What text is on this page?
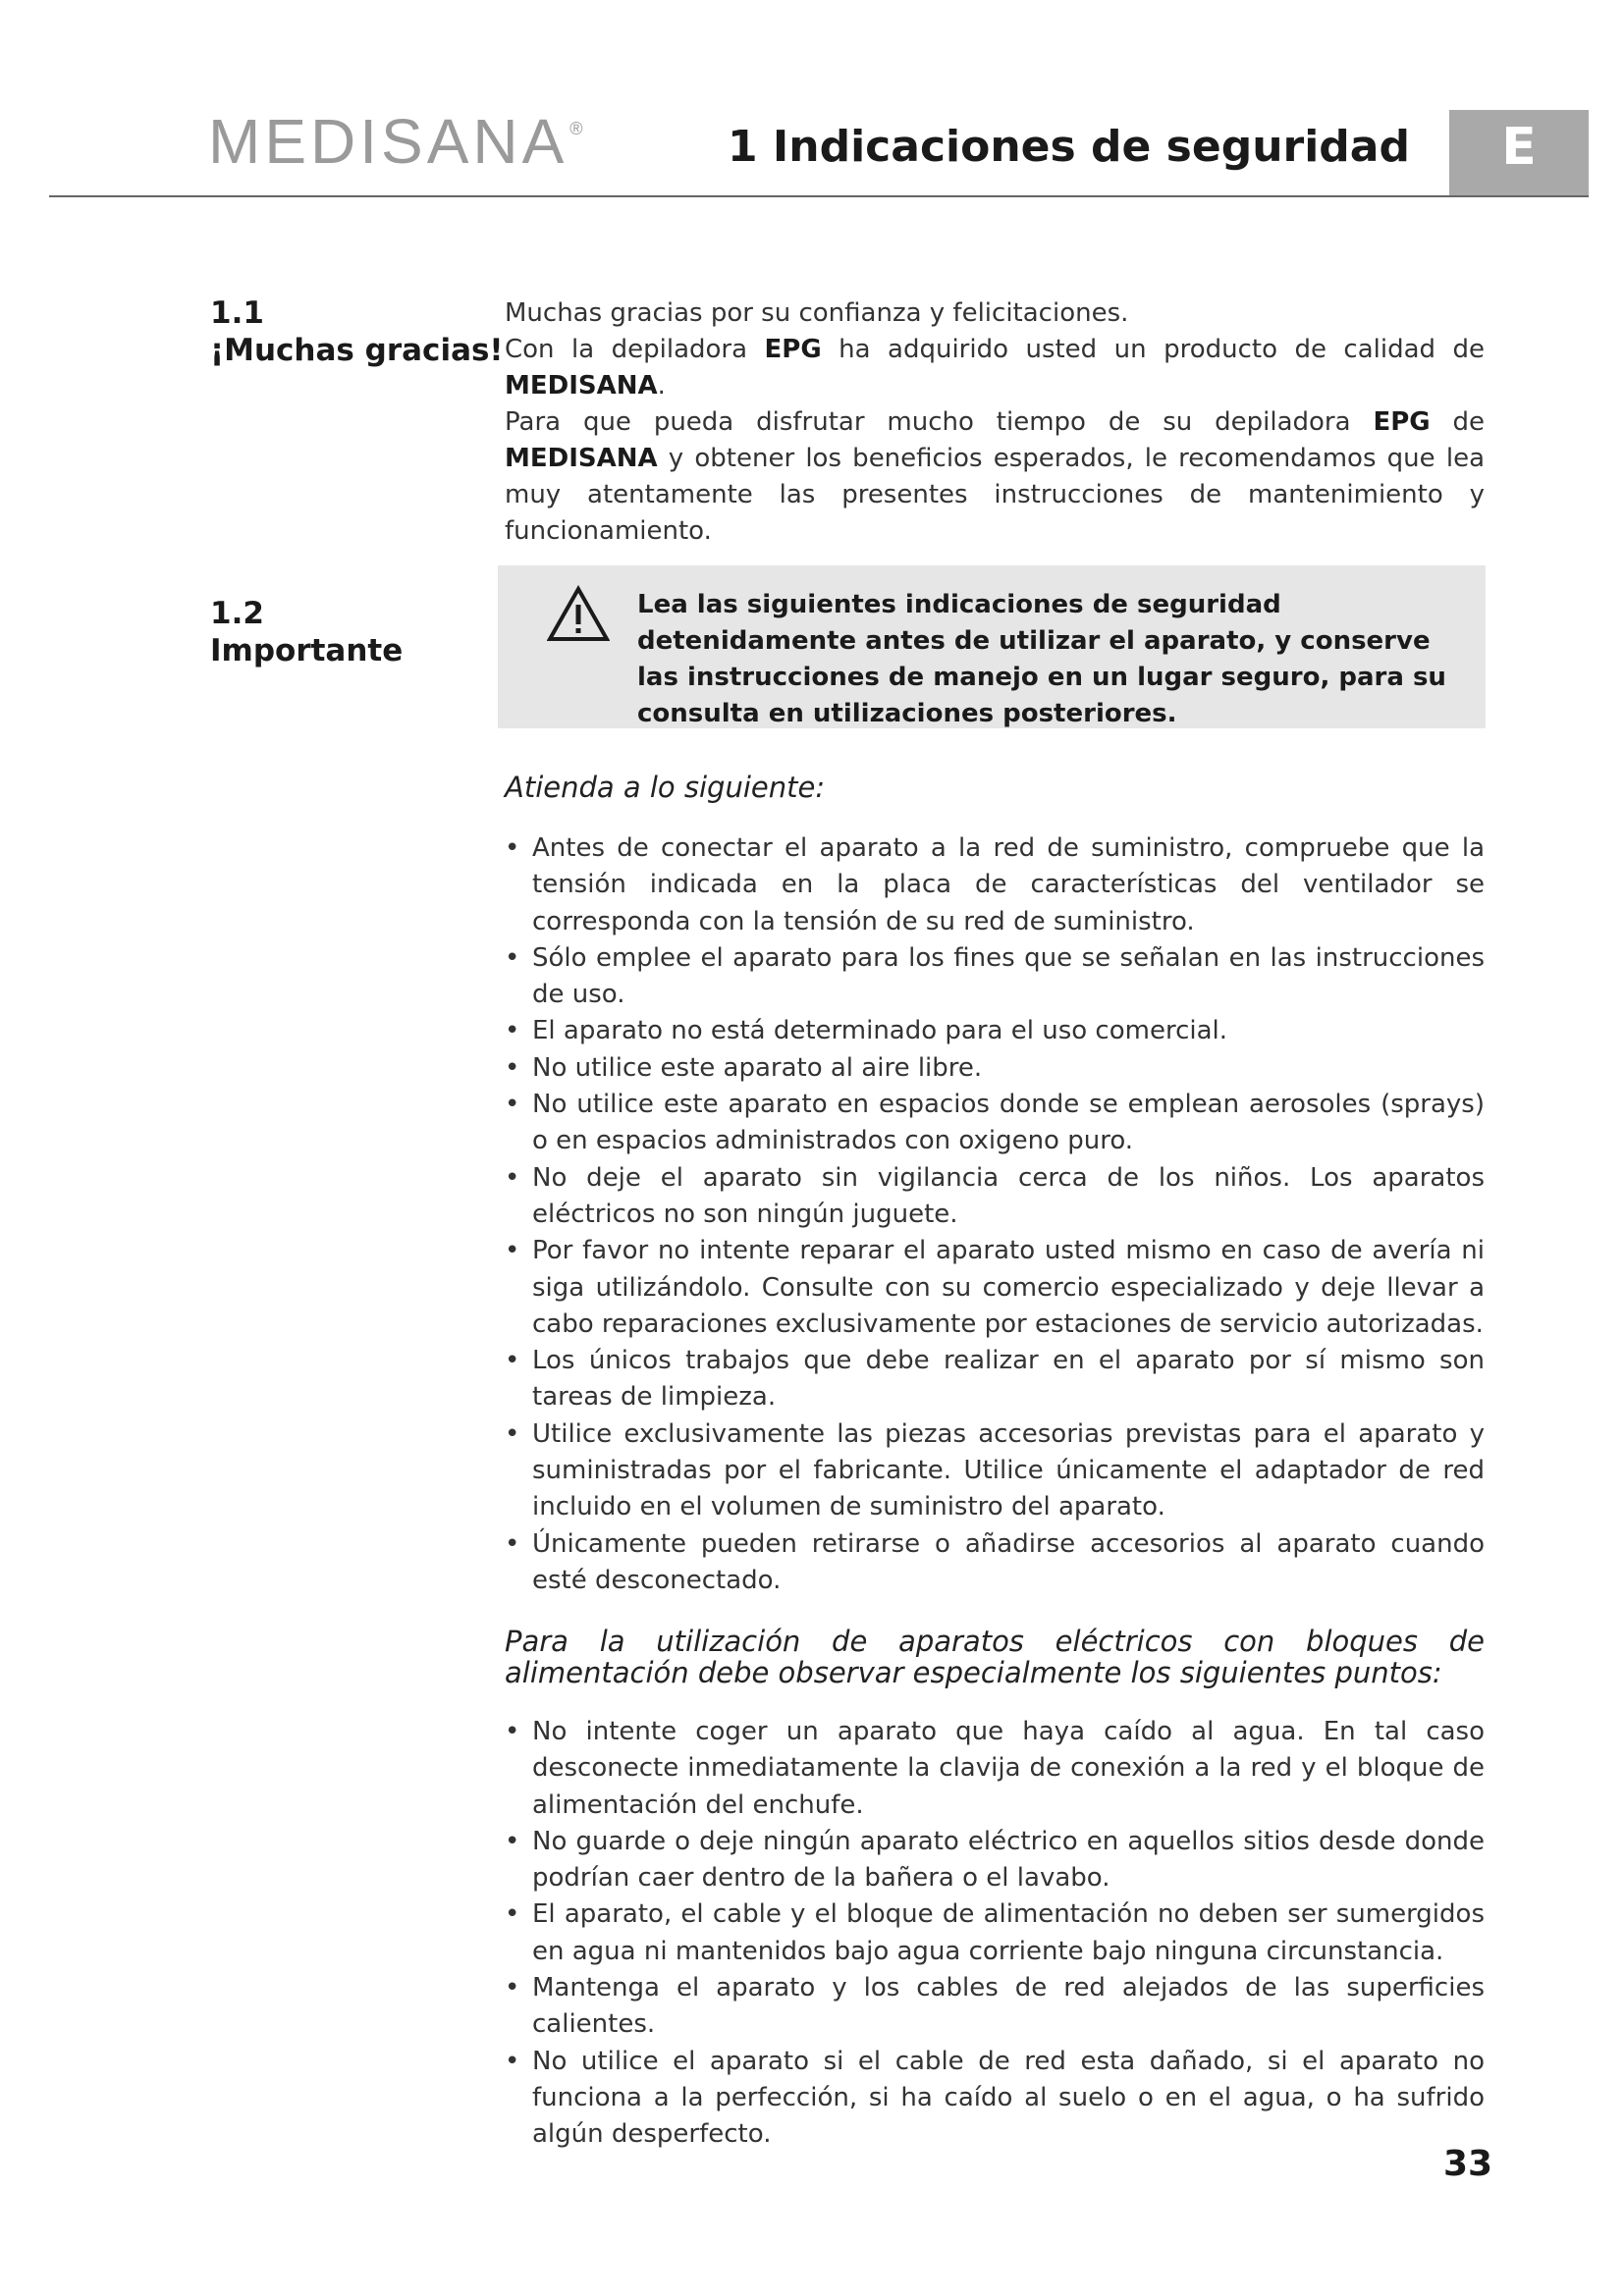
MEDISANA ®	1 Indicaciones de seguridad	E
1.1
¡Muchas gracias!

Muchas gracias por su confianza y felicitaciones.

Con la depiladora EPG ha adquirido usted un producto de calidad de MEDISANA.

Para que pueda disfrutar mucho tiempo de su depiladora EPG de MEDISANA y obtener los beneficios esperados, le recomendamos que lea muy atentamente las presentes instrucciones de mantenimiento y funcionamiento.

1.2
Importante
Lea las siguientes indicaciones de seguridad detenidamente antes de utilizar el aparato, y conserve las instrucciones de manejo en un lugar seguro, para su consulta en utilizaciones posteriores.

Atienda a lo siguiente:

• Antes de conectar el aparato a la red de suministro, compruebe que la tensión indicada en la placa de características del ventilador se corresponda con la tensión de su red de suministro.
• Sólo emplee el aparato para los fines que se señalan en las instrucciones de uso.
• El aparato no está determinado para el uso comercial.
• No utilice este aparato al aire libre.
• No utilice este aparato en espacios donde se emplean aerosoles (sprays) o en espacios administrados con oxigeno puro.
• No deje el aparato sin vigilancia cerca de los niños. Los aparatos eléctricos no son ningún juguete.
• Por favor no intente reparar el aparato usted mismo en caso de avería ni siga utilizándolo. Consulte con su comercio especializado y deje llevar a cabo reparaciones exclusivamente por estaciones de servicio autorizadas.
• Los únicos trabajos que debe realizar en el aparato por sí mismo son tareas de limpieza.
• Utilice exclusivamente las piezas accesorias previstas para el aparato y suministradas por el fabricante. Utilice únicamente el adaptador de red incluido en el volumen de suministro del aparato.
• Únicamente pueden retirarse o añadirse accesorios al aparato cuando esté desconectado.

Para la utilización de aparatos eléctricos con bloques de alimentación debe observar especialmente los siguientes puntos:

• No intente coger un aparato que haya caído al agua. En tal caso desconecte inmediatamente la clavija de conexión a la red y el bloque de alimentación del enchufe.
• No guarde o deje ningún aparato eléctrico en aquellos sitios desde donde podrían caer dentro de la bañera o el lavabo.
• El aparato, el cable y el bloque de alimentación no deben ser sumergidos en agua ni mantenidos bajo agua corriente bajo ninguna circunstancia.
• Mantenga el aparato y los cables de red alejados de las superficies calientes.
• No utilice el aparato si el cable de red esta dañado, si el aparato no funciona a la perfección, si ha caído al suelo o en el agua, o ha sufrido algún desperfecto.
33
